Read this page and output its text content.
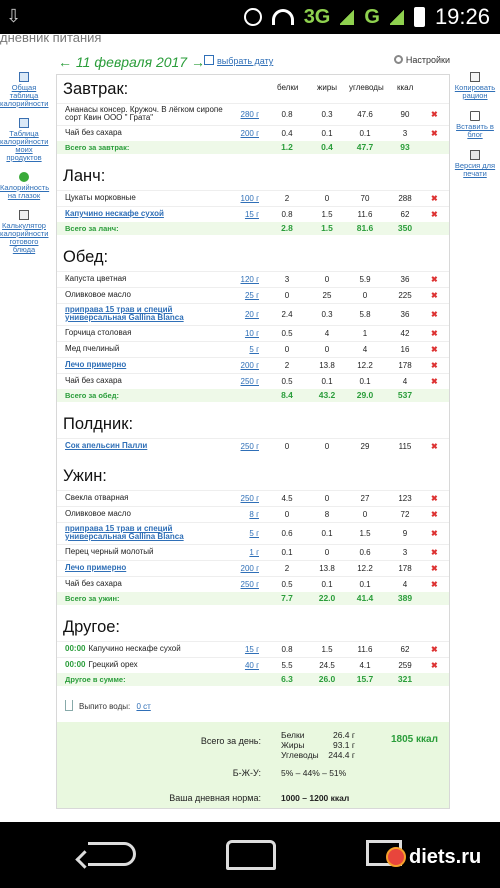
⇩	3G G	19:26
дневник питания
← 11 февраля 2017 →	выбрать дату	Настройки
Общая таблица калорийности
Таблица калорийности моих продуктов
Калорийность на глазок
Калькулятор калорийности готового блюда
Копировать рацион
Вставить в блог
Версия для печати
белки жиры углеводы ккал
Завтрак:
Ананасы консер. Кружоч. В лёгком сиропе сорт Квин ООО " Грата"	280 г	0.8	0.3	47.6	90	✖
Чай без сахара	200 г	0.4	0.1	0.1	3	✖
Всего за завтрак:	1.2	0.4	47.7	93
Ланч:
Цукаты морковные	100 г	2	0	70	288	✖
Капучино нескафе сухой	15 г	0.8	1.5	11.6	62	✖
Всего за ланч:	2.8	1.5	81.6	350
Обед:
Капуста цветная	120 г	3	0	5.9	36	✖
Оливковое масло	25 г	0	25	0	225	✖
приправа 15 трав и специй универсальная Gallina Blanca	20 г	2.4	0.3	5.8	36	✖
Горчица столовая	10 г	0.5	4	1	42	✖
Мед пчелиный	5 г	0	0	4	16	✖
Лечо примерно	200 г	2	13.8	12.2	178	✖
Чай без сахара	250 г	0.5	0.1	0.1	4	✖
Всего за обед:	8.4	43.2	29.0	537
Полдник:
Сок апельсин Палли	250 г	0	0	29	115	✖
Ужин:
Свекла отварная	250 г	4.5	0	27	123	✖
Оливковое масло	8 г	0	8	0	72	✖
приправа 15 трав и специй универсальная Gallina Blanca	5 г	0.6	0.1	1.5	9	✖
Перец черный молотый	1 г	0.1	0	0.6	3	✖
Лечо примерно	200 г	2	13.8	12.2	178	✖
Чай без сахара	250 г	0.5	0.1	0.1	4	✖
Всего за ужин:	7.7	22.0	41.4	389
Другое:
00:00 Капучино нескафе сухой	15 г	0.8	1.5	11.6	62	✖
00:00 Грецкий орех	40 г	5.5	24.5	4.1	259	✖
Другое в сумме:	6.3	26.0	15.7	321
Выпито воды: 0 ст
Всего за день:
Белки	26.4 г
Жиры	93.1 г
Углеводы 244.4 г
1805 ккал
Б-Ж-У: 5% – 44% – 51%
Ваша дневная норма: 1000 – 1200 ккал
diets.ru
